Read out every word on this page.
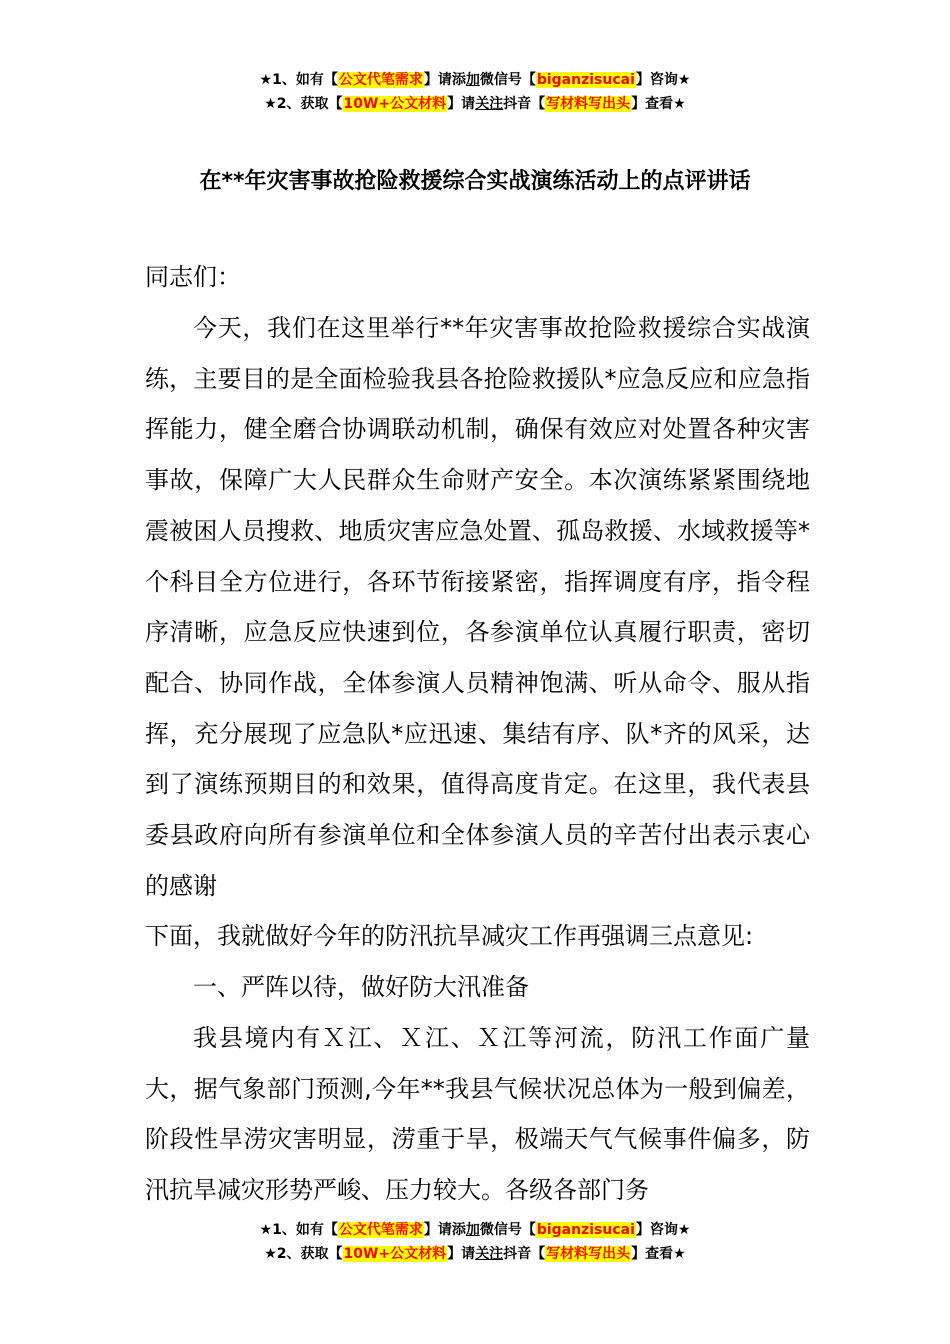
★1、如有【公文代笔需求】请添加微信号【biganzisucai】咨询★
★2、获取【10W+公文材料】请关注抖音【写材料写出头】查看★
在**年灾害事故抢险救援综合实战演练活动上的点评讲话
同志们：

今天，我们在这里举行**年灾害事故抢险救援综合实战演练，主要目的是全面检验我县各抢险救援队*应急反应和应急指挥能力，健全磨合协调联动机制，确保有效应对处置各种灾害事故，保障广大人民群众生命财产安全。本次演练紧紧围绕地震被困人员搜救、地质灾害应急处置、孤岛救援、水域救援等*个科目全方位进行，各环节衔接紧密，指挥调度有序，指令程序清晰，应急反应快速到位，各参演单位认真履行职责，密切配合、协同作战，全体参演人员精神饱满、听从命令、服从指挥，充分展现了应急队*应迅速、集结有序、队*齐的风采，达到了演练预期目的和效果，值得高度肯定。在这里，我代表县委县政府向所有参演单位和全体参演人员的辛苦付出表示衷心的感谢

下面，我就做好今年的防汛抗旱减灾工作再强调三点意见:

一、严阵以待，做好防大汛准备

我县境内有Ｘ江、Ｘ江、Ｘ江等河流，防汛工作面广量大，据气象部门预测,今年**我县气候状况总体为一般到偏差，阶段性旱涝灾害明显，涝重于旱，极端天气气候事件偏多，防汛抗旱减灾形势严峻、压力较大。各级各部门务

★1、如有【公文代笔需求】请添加微信号【biganzisucai】咨询★
★2、获取【10W+公文材料】请关注抖音【写材料写出头】查看★
